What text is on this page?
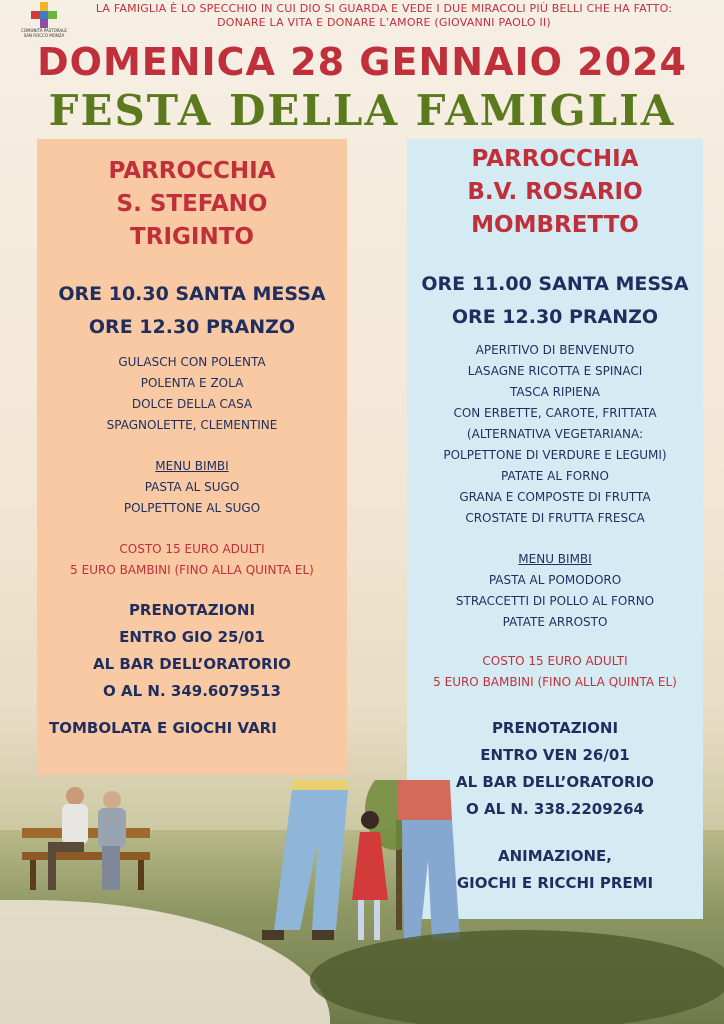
COMUNITÀ PASTORALE SAN ROCCO MONZA
LA FAMIGLIA È LO SPECCHIO IN CUI DIO SI GUARDA E VEDE I DUE MIRACOLI PIÙ BELLI CHE HA FATTO:
DONARE LA VITA E DONARE L’AMORE (GIOVANNI PAOLO II)
DOMENICA 28 GENNAIO 2024
FESTA DELLA FAMIGLIA
PARROCCHIA
S. STEFANO
TRIGINTO
ORE 10.30 SANTA MESSA
ORE 12.30 PRANZO
GULASCH CON POLENTA
POLENTA E ZOLA
DOLCE DELLA CASA
SPAGNOLETTE, CLEMENTINE
MENU BIMBI
PASTA AL SUGO
POLPETTONE AL SUGO
COSTO 15 EURO ADULTI
5 EURO BAMBINI (FINO ALLA QUINTA EL)
PRENOTAZIONI
ENTRO GIO 25/01
AL BAR DELL’ORATORIO
O AL N. 349.6079513
TOMBOLATA E GIOCHI VARI
PARROCCHIA
B.V. ROSARIO
MOMBRETTO
ORE 11.00 SANTA MESSA
ORE 12.30 PRANZO
APERITIVO DI BENVENUTO
LASAGNE RICOTTA E SPINACI
TASCA RIPIENA
CON ERBETTE, CAROTE, FRITTATA
(ALTERNATIVA VEGETARIANA:
POLPETTONE DI VERDURE E LEGUMI)
PATATE AL FORNO
GRANA E COMPOSTE DI FRUTTA
CROSTATE DI FRUTTA FRESCA
MENU BIMBI
PASTA AL POMODORO
STRACCETTI DI POLLO AL FORNO
PATATE ARROSTO
COSTO 15 EURO ADULTI
5 EURO BAMBINI (FINO ALLA QUINTA EL)
PRENOTAZIONI
ENTRO VEN 26/01
AL BAR DELL’ORATORIO
O AL N. 338.2209264
ANIMAZIONE,
GIOCHI E RICCHI PREMI
